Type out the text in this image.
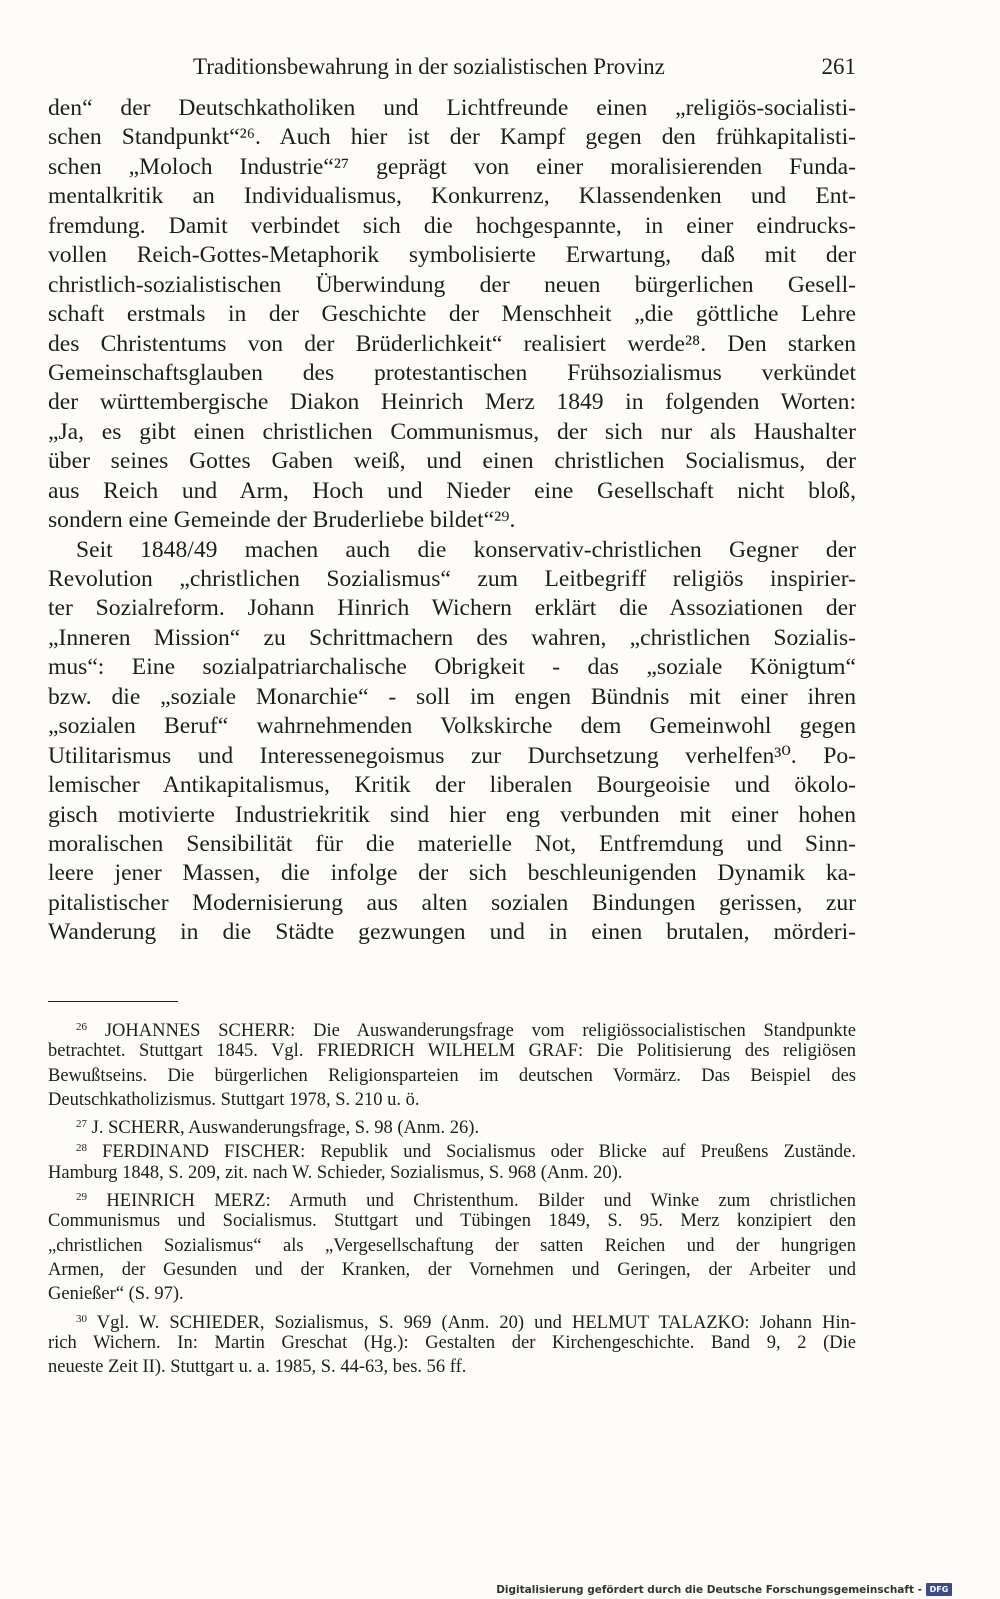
Traditionsbewahrung in der sozialistischen Provinz	261
den“ der Deutschkatholiken und Lichtfreunde einen „religiös-socialisti-
schen Standpunkt“²⁶. Auch hier ist der Kampf gegen den frühkapitalisti-
schen „Moloch Industrie“²⁷ geprägt von einer moralisierenden Funda-
mentalkritik an Individualismus, Konkurrenz, Klassendenken und Ent-
fremdung. Damit verbindet sich die hochgespannte, in einer eindrucks-
vollen Reich-Gottes-Metaphorik symbolisierte Erwartung, daß mit der
christlich-sozialistischen Überwindung der neuen bürgerlichen Gesell-
schaft erstmals in der Geschichte der Menschheit „die göttliche Lehre
des Christentums von der Brüderlichkeit“ realisiert werde²⁸. Den starken
Gemeinschaftsglauben des protestantischen Frühsozialismus verkündet
der württembergische Diakon Heinrich Merz 1849 in folgenden Worten:
„Ja, es gibt einen christlichen Communismus, der sich nur als Haushalter
über seines Gottes Gaben weiß, und einen christlichen Socialismus, der
aus Reich und Arm, Hoch und Nieder eine Gesellschaft nicht bloß,
sondern eine Gemeinde der Bruderliebe bildet“²⁹.
Seit 1848/49 machen auch die konservativ-christlichen Gegner der
Revolution „christlichen Sozialismus“ zum Leitbegriff religiös inspirier-
ter Sozialreform. Johann Hinrich Wichern erklärt die Assoziationen der
„Inneren Mission“ zu Schrittmachern des wahren, „christlichen Sozialis-
mus“: Eine sozialpatriarchalische Obrigkeit - das „soziale Königtum“
bzw. die „soziale Monarchie“ - soll im engen Bündnis mit einer ihren
„sozialen Beruf“ wahrnehmenden Volkskirche dem Gemeinwohl gegen
Utilitarismus und Interessenegoismus zur Durchsetzung verhelfen³⁰. Po-
lemischer Antikapitalismus, Kritik der liberalen Bourgeoisie und ökolo-
gisch motivierte Industriekritik sind hier eng verbunden mit einer hohen
moralischen Sensibilität für die materielle Not, Entfremdung und Sinn-
leere jener Massen, die infolge der sich beschleunigenden Dynamik ka-
pitalistischer Modernisierung aus alten sozialen Bindungen gerissen, zur
Wanderung in die Städte gezwungen und in einen brutalen, mörderi-
$^{26}$ JOHANNES SCHERR: Die Auswanderungsfrage vom religiössocialistischen Standpunkte
betrachtet. Stuttgart 1845. Vgl. FRIEDRICH WILHELM GRAF: Die Politisierung des religiösen
Bewußtseins. Die bürgerlichen Religionsparteien im deutschen Vormärz. Das Beispiel des
Deutschkatholizismus. Stuttgart 1978, S. 210 u. ö.
$^{27}$ J. SCHERR, Auswanderungsfrage, S. 98 (Anm. 26).
$^{28}$ FERDINAND FISCHER: Republik und Socialismus oder Blicke auf Preußens Zustände.
Hamburg 1848, S. 209, zit. nach W. Schieder, Sozialismus, S. 968 (Anm. 20).
$^{29}$ HEINRICH MERZ: Armuth und Christenthum. Bilder und Winke zum christlichen
Communismus und Socialismus. Stuttgart und Tübingen 1849, S. 95. Merz konzipiert den
„christlichen Sozialismus“ als „Vergesellschaftung der satten Reichen und der hungrigen
Armen, der Gesunden und der Kranken, der Vornehmen und Geringen, der Arbeiter und
Genießer“ (S. 97).
$^{30}$ Vgl. W. SCHIEDER, Sozialismus, S. 969 (Anm. 20) und HELMUT TALAZKO: Johann Hin-
rich Wichern. In: Martin Greschat (Hg.): Gestalten der Kirchengeschichte. Band 9, 2 (Die
neueste Zeit II). Stuttgart u. a. 1985, S. 44-63, bes. 56 ff.
Digitalisierung gefördert durch die Deutsche Forschungsgemeinschaft - DFG
